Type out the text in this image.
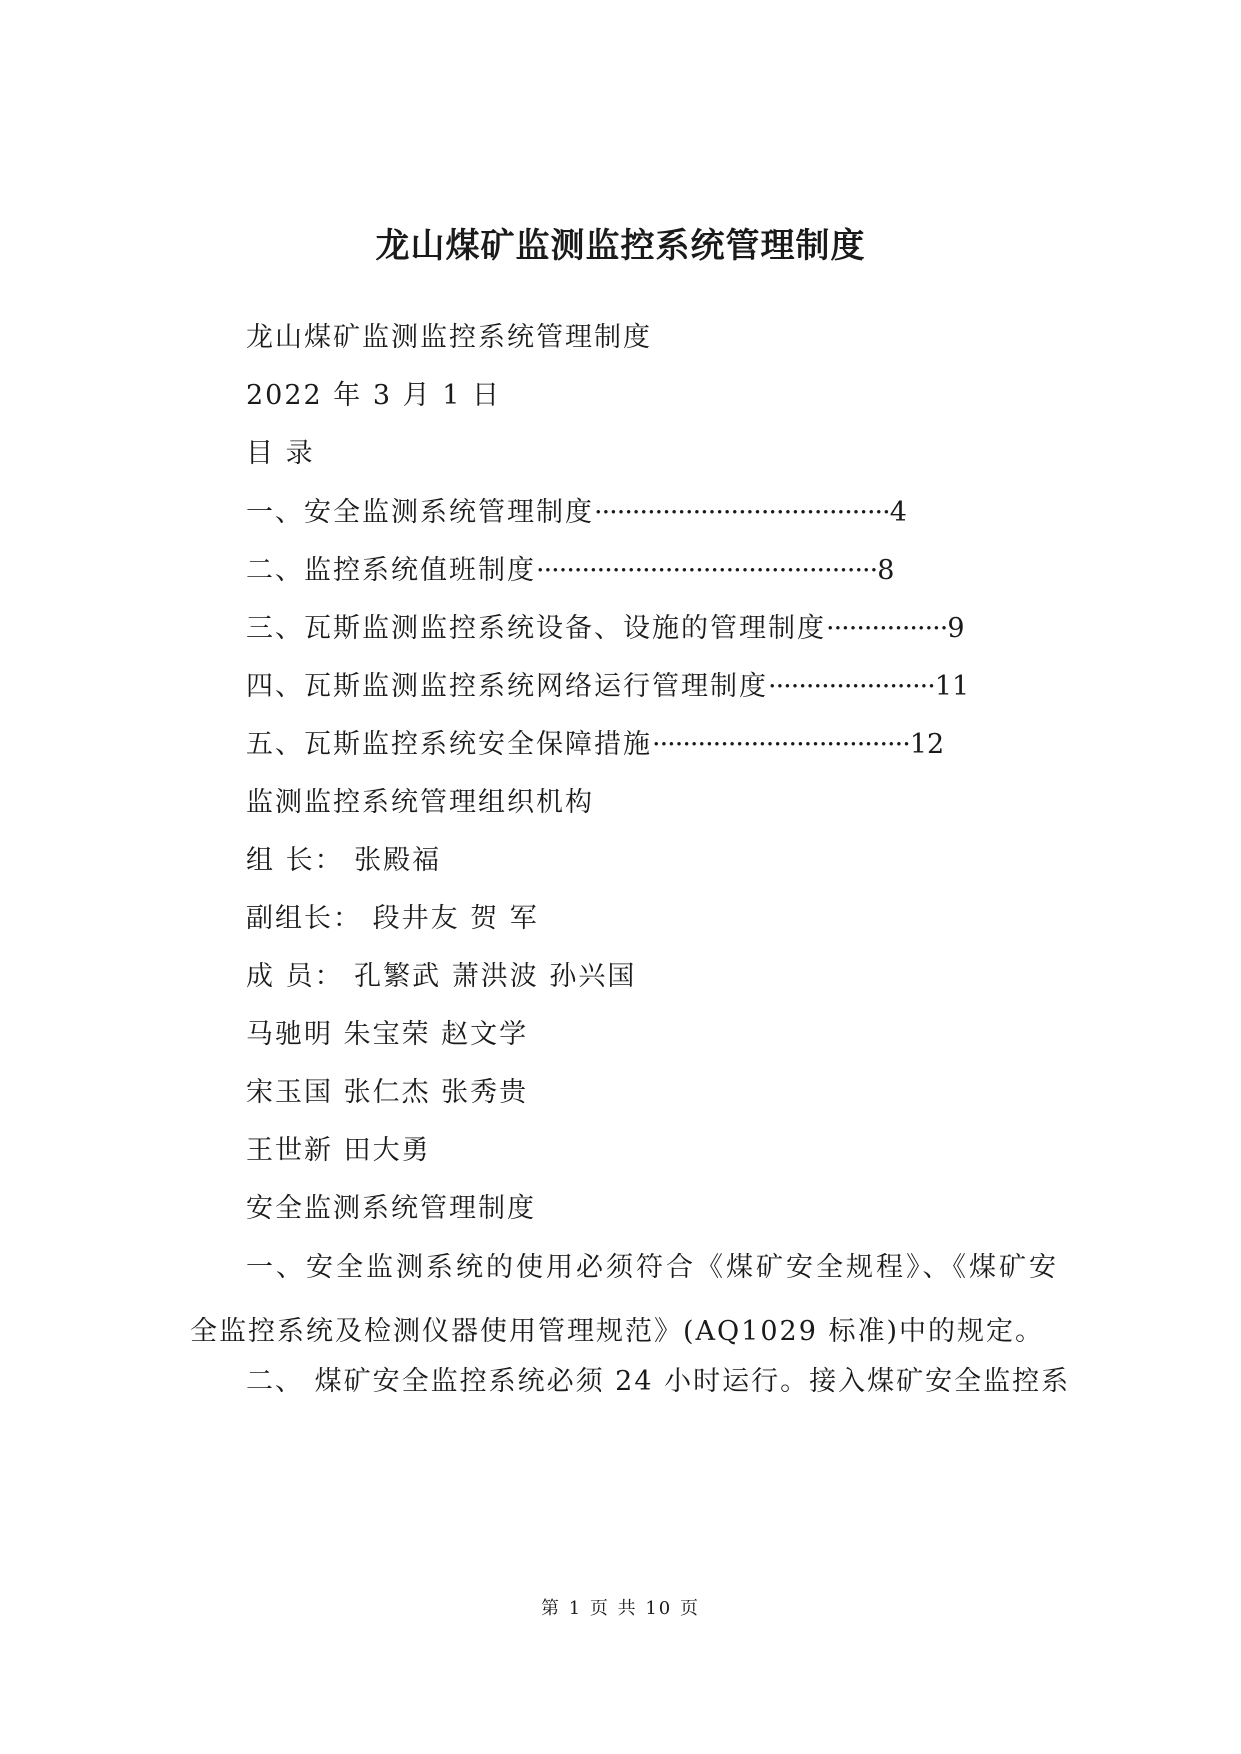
龙山煤矿监测监控系统管理制度
龙山煤矿监测监控系统管理制度
2022 年 3 月 1 日
目 录
一、安全监测系统管理制度·······································4
二、监控系统值班制度·············································8
三、瓦斯监测监控系统设备、设施的管理制度················9
四、瓦斯监测监控系统网络运行管理制度······················11
五、瓦斯监控系统安全保障措施··································12
监测监控系统管理组织机构
组 长： 张殿福
副组长： 段井友 贺 军
成 员： 孔繁武 萧洪波 孙兴国
马驰明 朱宝荣 赵文学
宋玉国 张仁杰 张秀贵
王世新 田大勇
安全监测系统管理制度
一、安全监测系统的使用必须符合《煤矿安全规程》、《煤矿安全监控系统及检测仪器使用管理规范》(AQ1029 标准)中的规定。
二、 煤矿安全监控系统必须 24 小时运行。接入煤矿安全监控系
第 1 页 共 10 页
